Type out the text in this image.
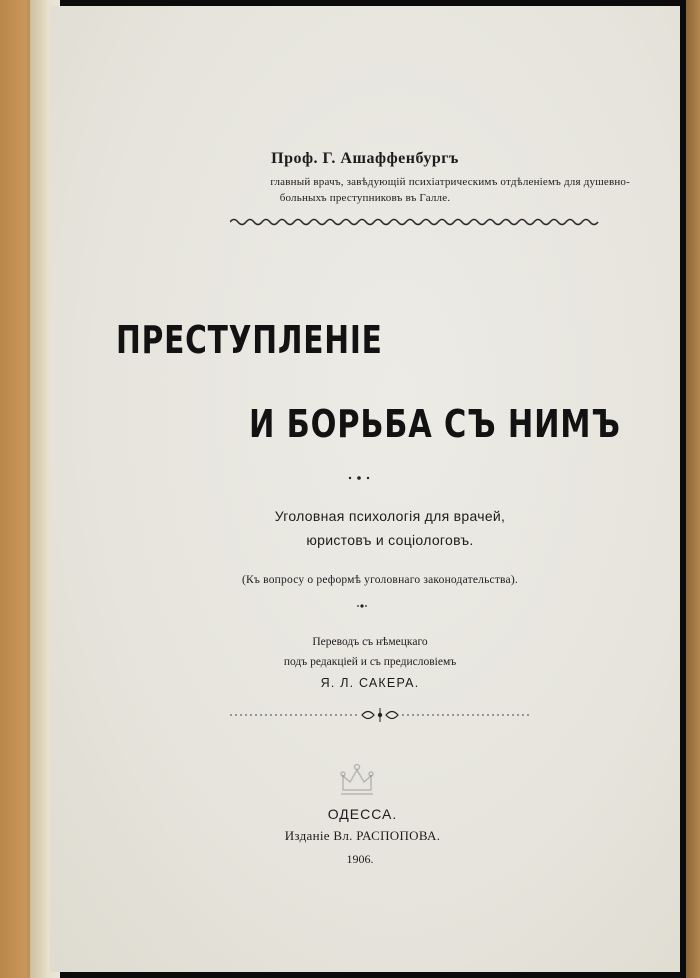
Проф. Г. Ашаффенбургъ
главный врачъ, завѣдующій психіатрическимъ отдѣленіемъ для душевно-
больныхъ преступниковъ въ Галле.
ПРЕСТУПЛЕНІЕ
И БОРЬБА СЪ НИМЪ
Уголовная психологія для врачей,
юристовъ и соціологовъ.
(Къ вопросу о реформѣ уголовнаго законодательства).
Переводъ съ нѣмецкаго
подъ редакціей и съ предисловіемъ
Я. Л. САКЕРА.
ОДЕССА.
Изданіе Вл. РАСПОПОВА.
1906.
